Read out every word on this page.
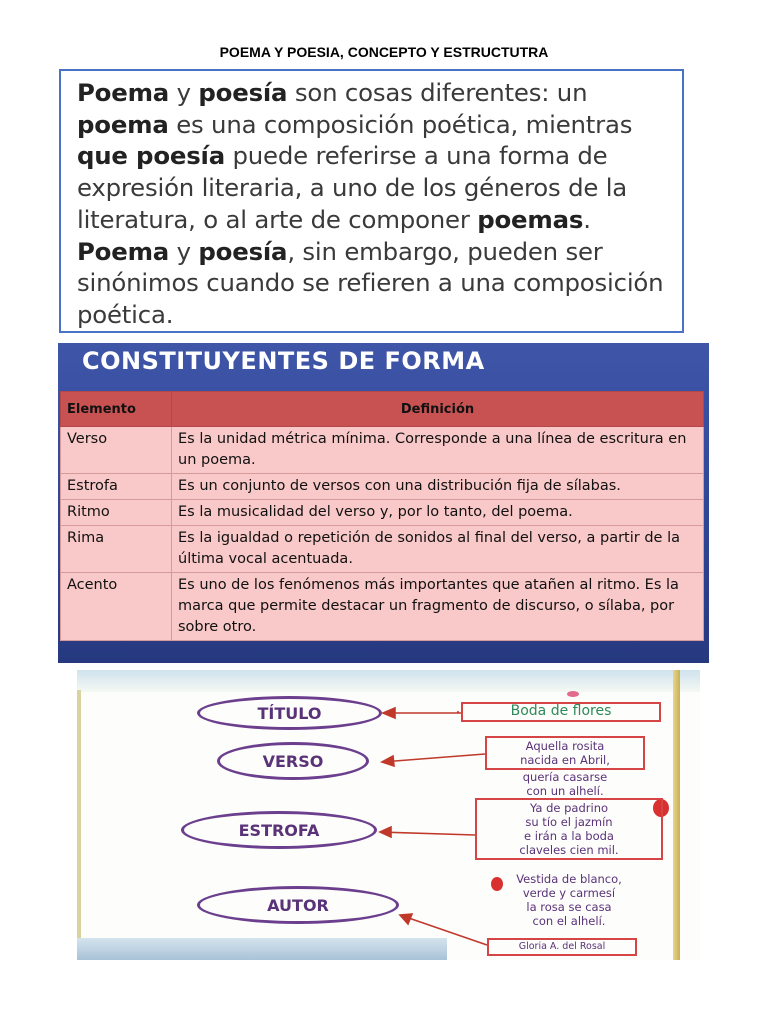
POEMA Y POESIA, CONCEPTO Y ESTRUCTUTRA

Poema y poesía son cosas diferentes: un poema es una composición poética, mientras que poesía puede referirse a una forma de expresión literaria, a uno de los géneros de la literatura, o al arte de componer poemas. Poema y poesía, sin embargo, pueden ser sinónimos cuando se refieren a una composición poética.

CONSTITUYENTES DE FORMA
Elemento	Definición
Verso	Es la unidad métrica mínima. Corresponde a una línea de escritura en un poema.
Estrofa	Es un conjunto de versos con una distribución fija de sílabas.
Ritmo	Es la musicalidad del verso y, por lo tanto, del poema.
Rima	Es la igualdad o repetición de sonidos al final del verso, a partir de la última vocal acentuada.
Acento	Es uno de los fenómenos más importantes que atañen al ritmo. Es la marca que permite destacar un fragmento de discurso, o sílaba, por sobre otro.
TÍTULO
VERSO
ESTROFA
AUTOR
Boda de flores
Aquella rosita
nacida en Abril,
quería casarse
con un alhelí.
Ya de padrino
su tío el jazmín
e irán a la boda
claveles cien mil.
Vestida de blanco,
verde y carmesí
la rosa se casa
con el alhelí.
Gloria A. del Rosal
